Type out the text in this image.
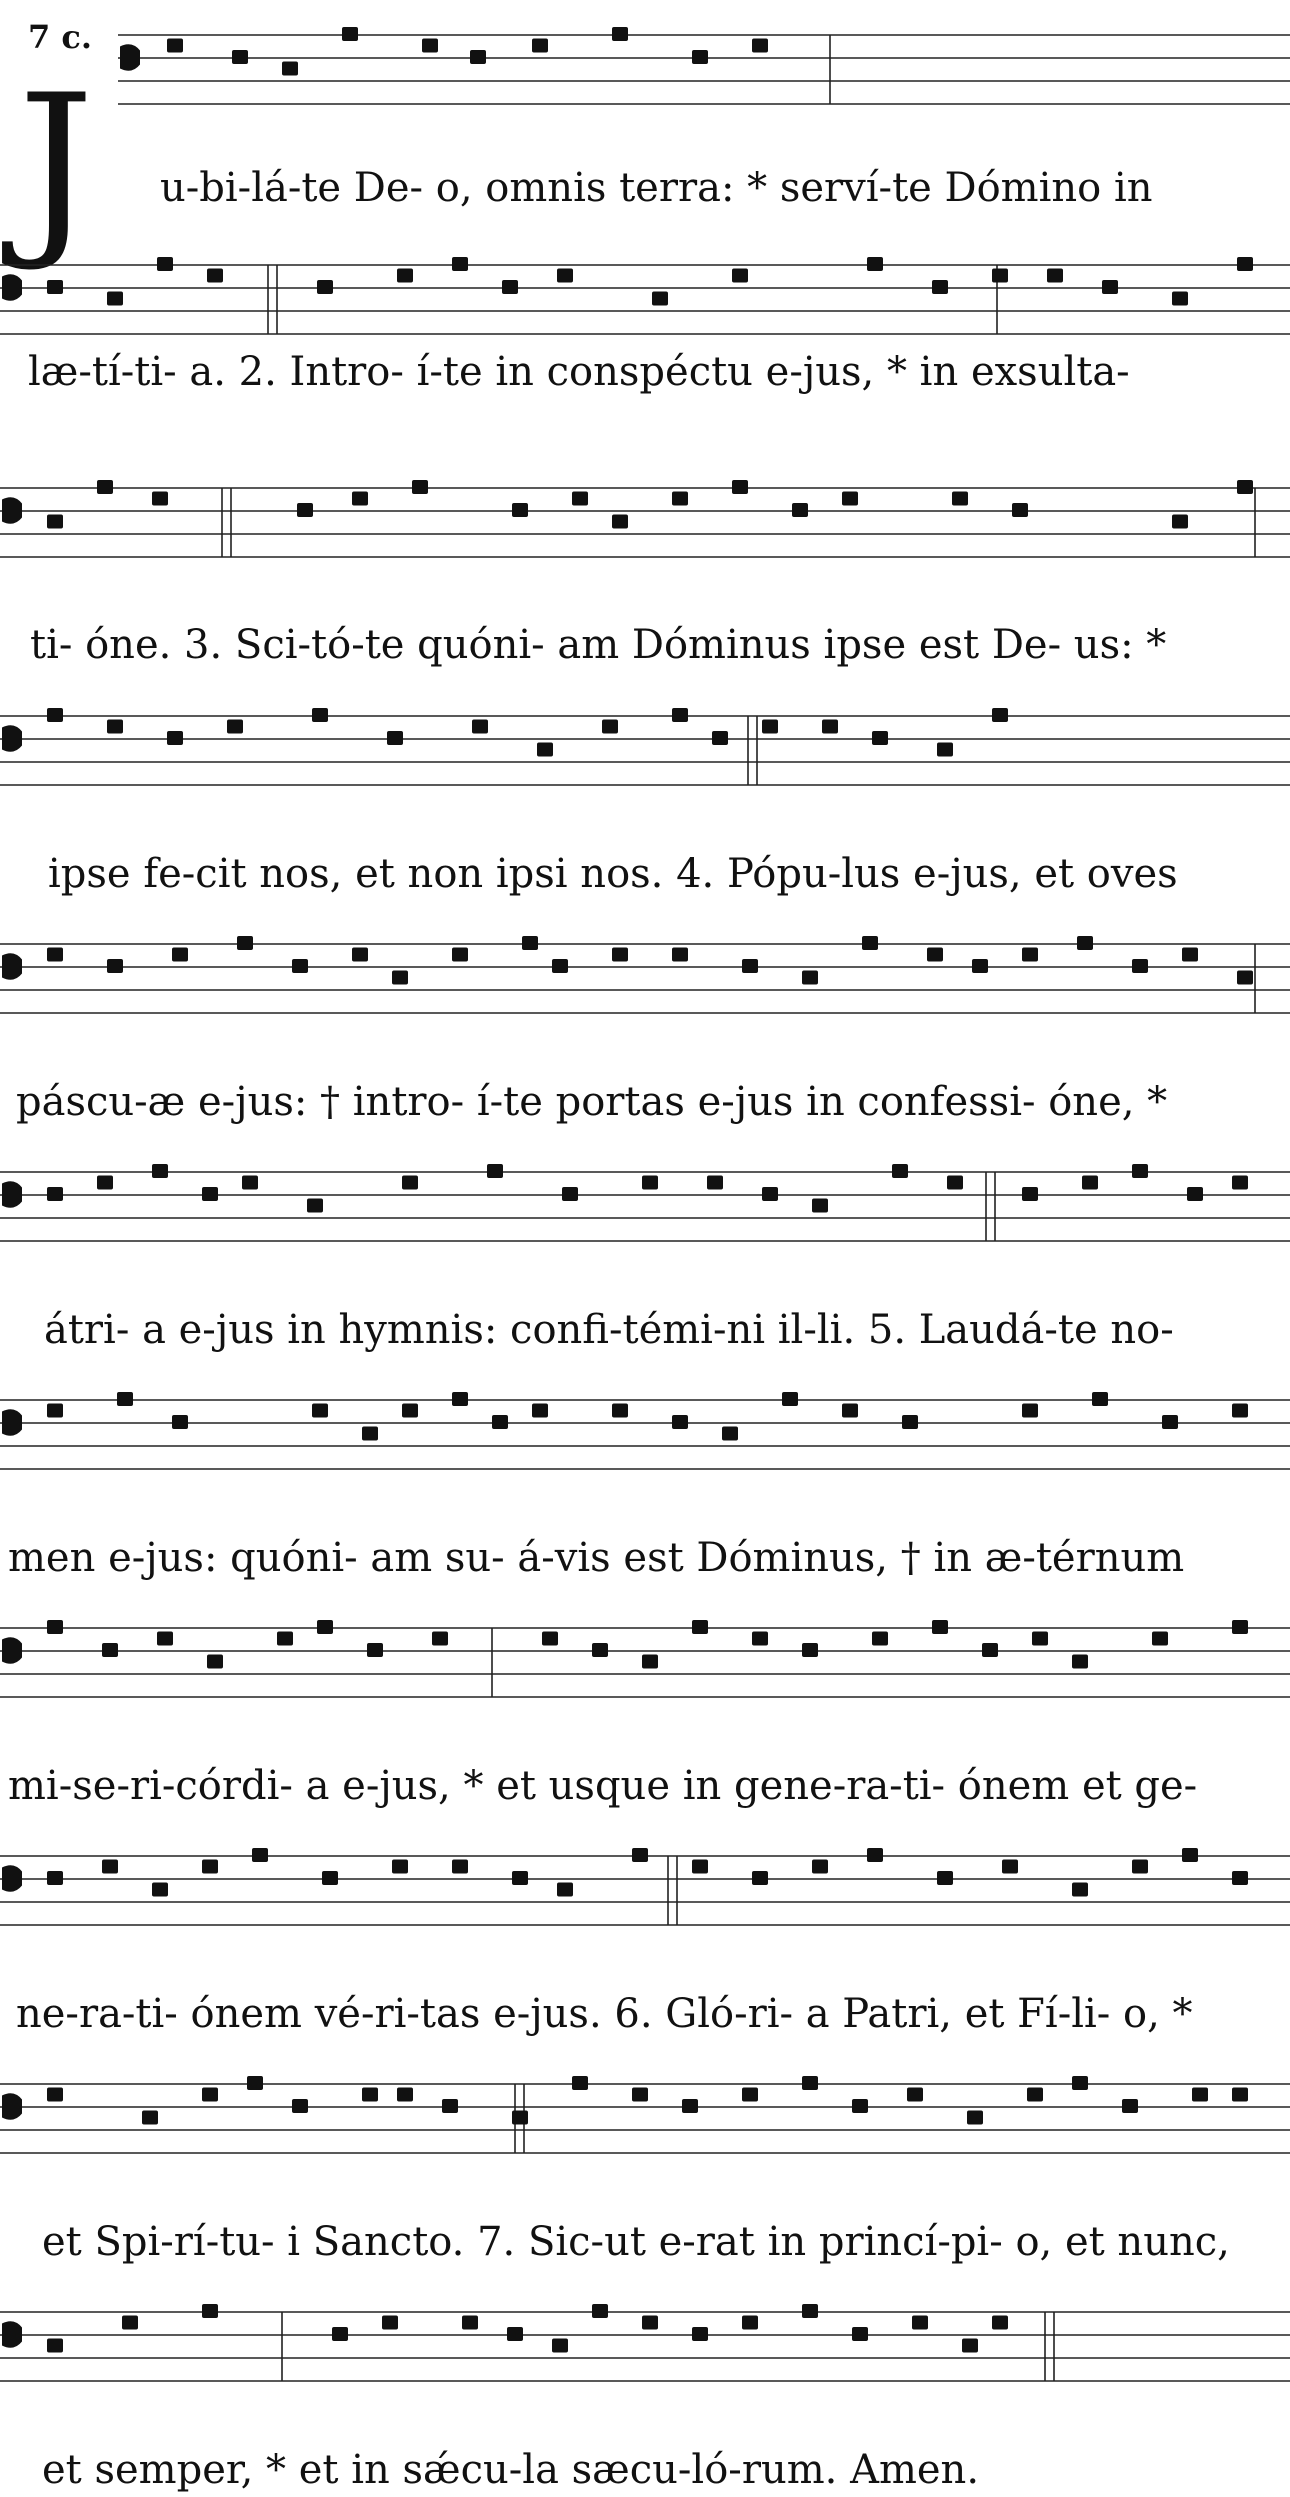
7 c.
J u-bi-lá-te De- o, omnis terra: * serví-te Dómino in
læ-tí-ti- a. 2. Intro- í-te in conspéctu e-jus, * in exsulta-
ti- óne. 3. Sci-tó-te quóni- am Dóminus ipse est De- us: *
ipse fe-cit nos, et non ipsi nos. 4. Pópu-lus e-jus, et oves
páscu-æ e-jus: † intro- í-te portas e-jus in confessi- óne, *
átri- a e-jus in hymnis: confi-témi-ni il-li. 5. Laudá-te no-
men e-jus: quóni- am su- á-vis est Dóminus, † in æ-térnum
mi-se-ri-córdi- a e-jus, * et usque in gene-ra-ti- ónem et ge-
ne-ra-ti- ónem vé-ri-tas e-jus. 6. Gló-ri- a Patri, et Fí-li- o, *
et Spi-rí-tu- i Sancto. 7. Sic-ut e-rat in princí-pi- o, et nunc,
et semper, * et in sǽcu-la sæcu-ló-rum. Amen.
